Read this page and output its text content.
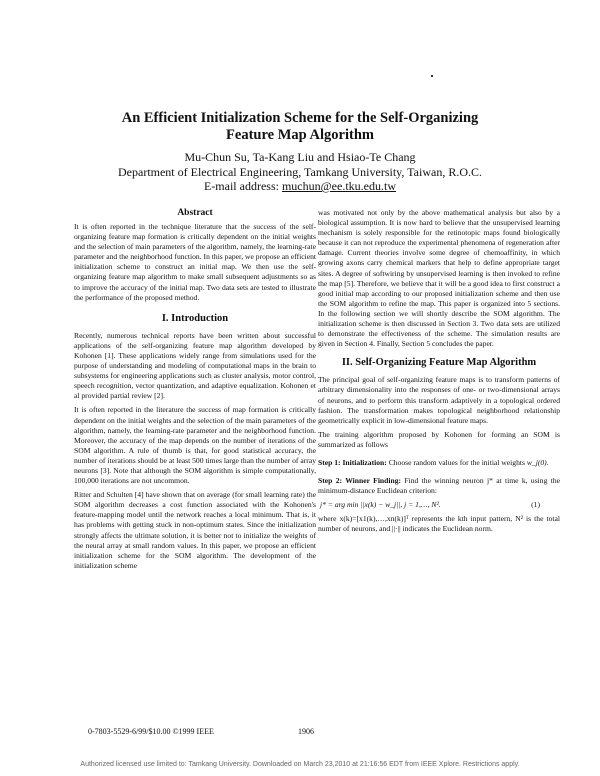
An Efficient Initialization Scheme for the Self-Organizing
Feature Map Algorithm
Mu-Chun Su, Ta-Kang Liu and Hsiao-Te Chang
Department of Electrical Engineering, Tamkang University, Taiwan, R.O.C.
E-mail address: muchun@ee.tku.edu.tw
Abstract

It is often reported in the technique literature that the success of the self-organizing feature map formation is critically dependent on the initial weights and the selection of main parameters of the algorithm, namely, the learning-rate parameter and the neighborhood function. In this paper, we propose an efficient initialization scheme to construct an initial map. We then use the self-organizing feature map algorithm to make small subsequent adjustments so as to improve the accuracy of the initial map. Two data sets are tested to illustrate the performance of the proposed method.

I. Introduction

Recently, numerous technical reports have been written about successful applications of the self-organizing feature map algorithm developed by Kohonen [1]. These applications widely range from simulations used for the purpose of understanding and modeling of computational maps in the brain to subsystems for engineering applications such as cluster analysis, motor control, speech recognition, vector quantization, and adaptive equalization. Kohonen et al provided partial review [2].

It is often reported in the literature the success of map formation is critically dependent on the initial weights and the selection of the main parameters of the algorithm, namely, the learning-rate parameter and the neighborhood function. Moreover, the accuracy of the map depends on the number of iterations of the SOM algorithm. A rule of thumb is that, for good statistical accuracy, the number of iterations should be at least 500 times large than the number of array neurons [3]. Note that although the SOM algorithm is simple computationally, 100,000 iterations are not uncommon.

Ritter and Schulten [4] have shown that on average (for small learning rate) the SOM algorithm decreases a cost function associated with the Kohonen's feature-mapping model until the network reaches a local minimum. That is, it has problems with getting stuck in non-optimum states. Since the initialization strongly affects the ultimate solution, it is better not to initialize the weights of the neural array at small random values. In this paper, we propose an efficient initialization scheme for the SOM algorithm. The development of the initialization scheme

was motivated not only by the above mathematical analysis but also by a biological assumption. It is now hard to believe that the unsupervised learning mechanism is solely responsible for the retinotopic maps found biologically because it can not reproduce the experimental phenomena of regeneration after damage. Current theories involve some degree of chemoaffinity, in which growing axons carry chemical markers that help to define appropriate target sites. A degree of softwiring by unsupervised learning is then invoked to refine the map [5]. Therefore, we believe that it will be a good idea to first construct a good initial map according to our proposed initialization scheme and then use the SOM algorithm to refine the map. This paper is organized into 5 sections. In the following section we will shortly describe the SOM algorithm. The initialization scheme is then discussed in Section 3. Two data sets are utilized to demonstrate the effectiveness of the scheme. The simulation results are given in Section 4. Finally, Section 5 concludes the paper.

II. Self-Organizing Feature Map Algorithm

The principal goal of self-organizing feature maps is to transform patterns of arbitrary dimensionality into the responses of one- or two-dimensional arrays of neurons, and to perform this transform adaptively in a topological ordered fashion. The transformation makes topological neighborhood relationship geometrically explicit in low-dimensional feature maps.

The training algorithm proposed by Kohonen for forming an SOM is summarized as follows

Step 1: Initialization: Choose random values for the initial weights w_j(0).

Step 2: Winner Finding: Find the winning neuron j* at time k, using the minimum-distance Euclidean criterion:

j* = arg min ||x(k) − w_j||, j = 1,…, N².	(1)

where x(k)=[x1(k),…,xn(k)]ᵀ represents the kth input pattern, N² is the total number of neurons, and ||·|| indicates the Euclidean norm.

0-7803-5529-6/99/$10.00 ©1999 IEEE	1906
Authorized licensed use limited to: Tamkang University. Downloaded on March 23,2010 at 21:16:56 EDT from IEEE Xplore. Restrictions apply.
